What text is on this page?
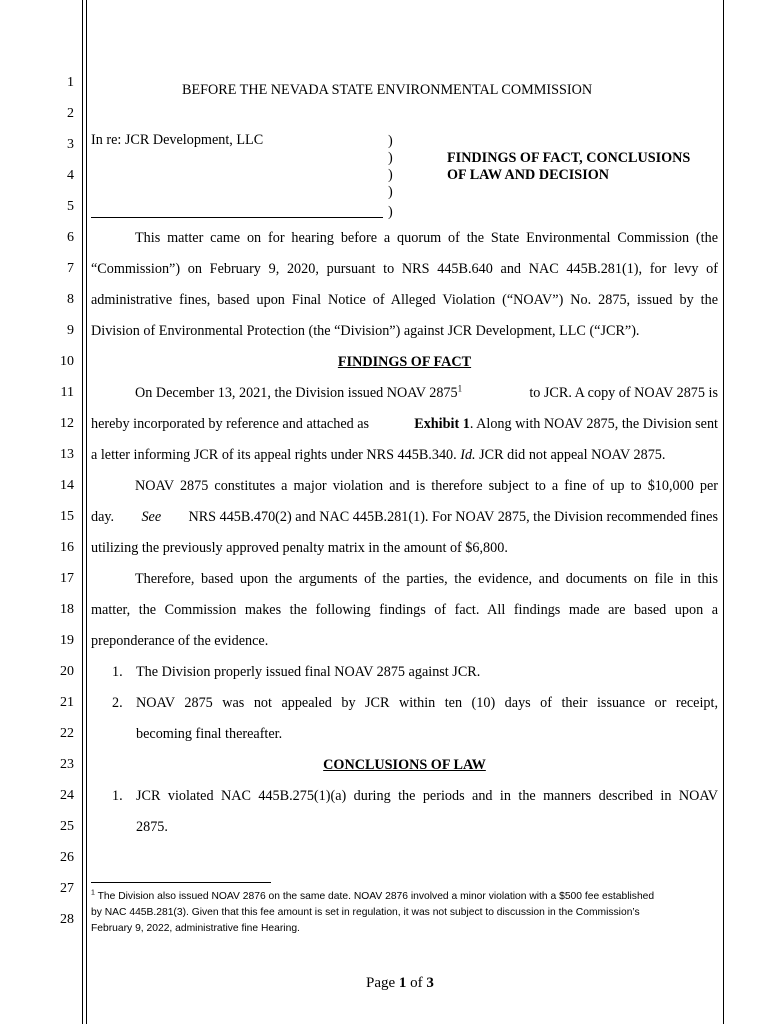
1
2
3
4
5
6
7
8
9
10
11
12
13
14
15
16
17
18
19
20
21
22
23
24
25
26
27
28
BEFORE THE NEVADA STATE ENVIRONMENTAL COMMISSION
In re: JCR Development, LLC	)
)
)
)
)
FINDINGS OF FACT, CONCLUSIONS
OF LAW AND DECISION
This matter came on for hearing before a quorum of the State Environmental Commission (the
“Commission”) on February 9, 2020, pursuant to NRS 445B.640 and NAC 445B.281(1), for levy of
administrative fines, based upon Final Notice of Alleged Violation (“NOAV”) No. 2875, issued by the
Division of Environmental Protection (the “Division”) against JCR Development, LLC (“JCR”).
FINDINGS OF FACT
On December 13, 2021, the Division issued NOAV 2875$^1$	to JCR. A copy of NOAV 2875 is
hereby incorporated by reference and attached as	Exhibit 1. Along with NOAV 2875, the Division sent
a letter informing JCR of its appeal rights under NRS 445B.340. Id. JCR did not appeal NOAV 2875.
NOAV 2875 constitutes a major violation and is therefore subject to a fine of up to $10,000 per
day. See NRS 445B.470(2) and NAC 445B.281(1). For NOAV 2875, the Division recommended fines
utilizing the previously approved penalty matrix in the amount of $6,800.
Therefore, based upon the arguments of the parties, the evidence, and documents on file in this
matter, the Commission makes the following findings of fact. All findings made are based upon a
preponderance of the evidence.
1. The Division properly issued final NOAV 2875 against JCR.
2. NOAV 2875 was not appealed by JCR within ten (10) days of their issuance or receipt,
becoming final thereafter.
CONCLUSIONS OF LAW
1. JCR violated NAC 445B.275(1)(a) during the periods and in the manners described in NOAV
2875.
$^1$ The Division also issued NOAV 2876 on the same date. NOAV 2876 involved a minor violation with a $500 fee established
by NAC 445B.281(3). Given that this fee amount is set in regulation, it was not subject to discussion in the Commission’s
February 9, 2022, administrative fine Hearing.
Page 1 of 3
